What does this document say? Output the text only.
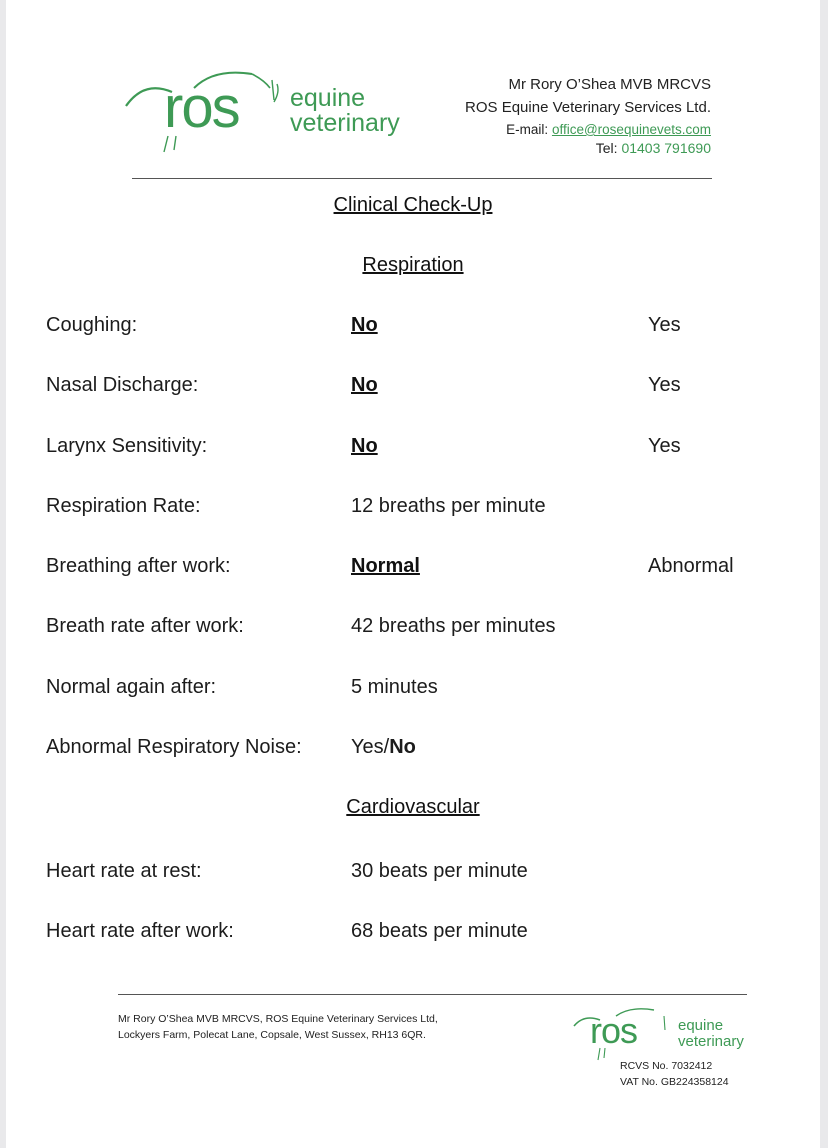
ros equine
veterinary
Mr Rory O’Shea MVB MRCVS
ROS Equine Veterinary Services Ltd.
E-mail: office@rosequinevets.com
Tel: 01403 791690
Clinical Check-Up
Respiration
Coughing:	No	Yes
Nasal Discharge:	No	Yes
Larynx Sensitivity:	No	Yes
Respiration Rate:	12 breaths per minute
Breathing after work:	Normal	Abnormal
Breath rate after work:	42 breaths per minutes
Normal again after:	5 minutes
Abnormal Respiratory Noise: Yes/No
Cardiovascular
Heart rate at rest:	30 beats per minute
Heart rate after work:	68 beats per minute
Mr Rory O’Shea MVB MRCVS, ROS Equine Veterinary Services Ltd,
Lockyers Farm, Polecat Lane, Copsale, West Sussex, RH13 6QR.	ros	equine
veterinary
RCVS No. 7032412
VAT No. GB224358124
